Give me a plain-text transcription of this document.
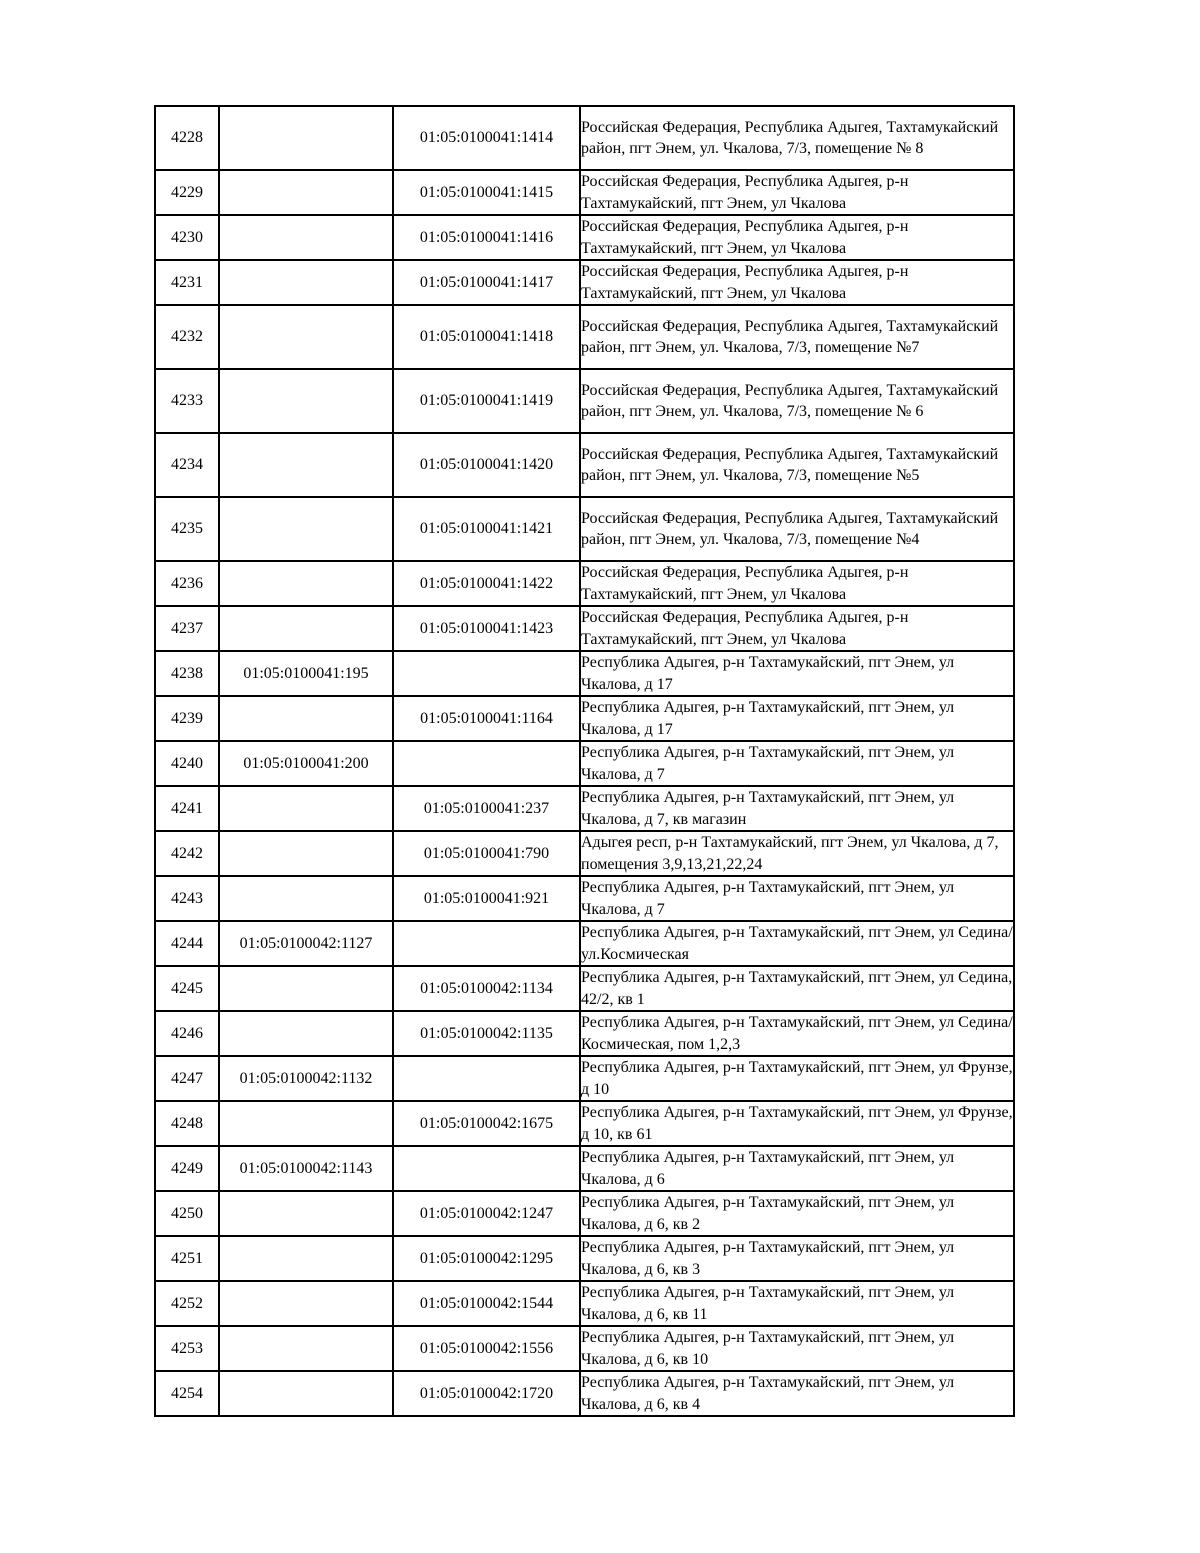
4228		01:05:0100041:1414	Российская Федерация, Республика Адыгея, Тахтамукайский район, пгт Энем, ул. Чкалова, 7/3, помещение № 8
4229		01:05:0100041:1415	Российская Федерация, Республика Адыгея, р-н Тахтамукайский, пгт Энем, ул Чкалова
4230		01:05:0100041:1416	Российская Федерация, Республика Адыгея, р-н Тахтамукайский, пгт Энем, ул Чкалова
4231		01:05:0100041:1417	Российская Федерация, Республика Адыгея, р-н Тахтамукайский, пгт Энем, ул Чкалова
4232		01:05:0100041:1418	Российская Федерация, Республика Адыгея, Тахтамукайский район, пгт Энем, ул. Чкалова, 7/3, помещение №7
4233		01:05:0100041:1419	Российская Федерация, Республика Адыгея, Тахтамукайский район, пгт Энем, ул. Чкалова, 7/3, помещение № 6
4234		01:05:0100041:1420	Российская Федерация, Республика Адыгея, Тахтамукайский район, пгт Энем, ул. Чкалова, 7/3, помещение №5
4235		01:05:0100041:1421	Российская Федерация, Республика Адыгея, Тахтамукайский район, пгт Энем, ул. Чкалова, 7/3, помещение №4
4236		01:05:0100041:1422	Российская Федерация, Республика Адыгея, р-н Тахтамукайский, пгт Энем, ул Чкалова
4237		01:05:0100041:1423	Российская Федерация, Республика Адыгея, р-н Тахтамукайский, пгт Энем, ул Чкалова
4238	01:05:0100041:195		Республика Адыгея, р-н Тахтамукайский, пгт Энем, ул Чкалова, д 17
4239		01:05:0100041:1164	Республика Адыгея, р-н Тахтамукайский, пгт Энем, ул Чкалова, д 17
4240	01:05:0100041:200		Республика Адыгея, р-н Тахтамукайский, пгт Энем, ул Чкалова, д 7
4241		01:05:0100041:237	Республика Адыгея, р-н Тахтамукайский, пгт Энем, ул Чкалова, д 7, кв магазин
4242		01:05:0100041:790	Адыгея респ, р-н Тахтамукайский, пгт Энем, ул Чкалова, д 7, помещения 3,9,13,21,22,24
4243		01:05:0100041:921	Республика Адыгея, р-н Тахтамукайский, пгт Энем, ул Чкалова, д 7
4244	01:05:0100042:1127		Республика Адыгея, р-н Тахтамукайский, пгт Энем, ул Седина/ул.Космическая
4245		01:05:0100042:1134	Республика Адыгея, р-н Тахтамукайский, пгт Энем, ул Седина, 42/2, кв 1
4246		01:05:0100042:1135	Республика Адыгея, р-н Тахтамукайский, пгт Энем, ул Седина/Космическая, пом 1,2,3
4247	01:05:0100042:1132		Республика Адыгея, р-н Тахтамукайский, пгт Энем, ул Фрунзе, д 10
4248		01:05:0100042:1675	Республика Адыгея, р-н Тахтамукайский, пгт Энем, ул Фрунзе, д 10, кв 61
4249	01:05:0100042:1143		Республика Адыгея, р-н Тахтамукайский, пгт Энем, ул Чкалова, д 6
4250		01:05:0100042:1247	Республика Адыгея, р-н Тахтамукайский, пгт Энем, ул Чкалова, д 6, кв 2
4251		01:05:0100042:1295	Республика Адыгея, р-н Тахтамукайский, пгт Энем, ул Чкалова, д 6, кв 3
4252		01:05:0100042:1544	Республика Адыгея, р-н Тахтамукайский, пгт Энем, ул Чкалова, д 6, кв 11
4253		01:05:0100042:1556	Республика Адыгея, р-н Тахтамукайский, пгт Энем, ул Чкалова, д 6, кв 10
4254		01:05:0100042:1720	Республика Адыгея, р-н Тахтамукайский, пгт Энем, ул Чкалова, д 6, кв 4
